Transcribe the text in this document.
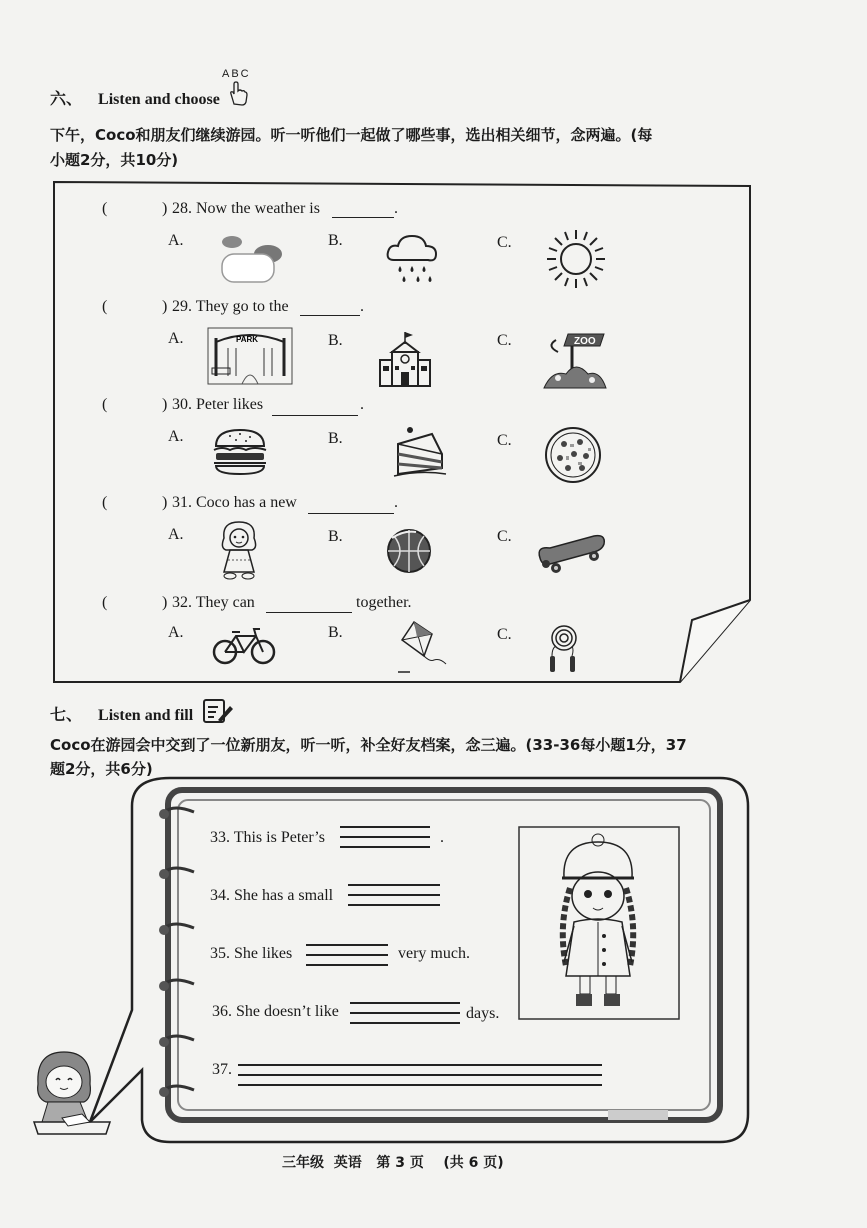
六、 Listen and choose
ABC
下午，Coco和朋友们继续游园。听一听他们一起做了哪些事，选出相关细节，念两遍。(每
小题2分，共10分)
(	) 28. Now the weather is	.
A.	B.	C.
(	) 29. They go to the	.
A.	B.	C.
PARK	ZOO
(	) 30. Peter likes	.
A.	B.	C.
(	) 31. Coco has a new	.
A.	B.	C.
(	) 32. They can	together.
A.	B.	C.
七、 Listen and fill
Coco在游园会中交到了一位新朋友，听一听，补全好友档案，念三遍。(33-36每小题1分，37
题2分，共6分)
33. This is Peter’s	.
34. She has a small
35. She likes	very much.
36. She doesn’t like	days.
37.
三年级  英语   第 3 页    (共 6 页)
